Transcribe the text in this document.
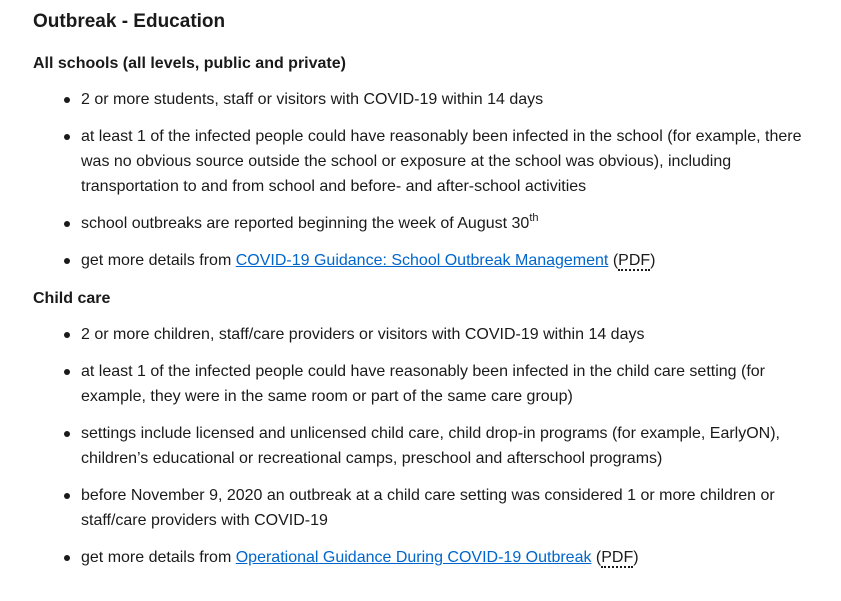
Outbreak - Education
All schools (all levels, public and private)
2 or more students, staff or visitors with COVID-19 within 14 days
at least 1 of the infected people could have reasonably been infected in the school (for example, there was no obvious source outside the school or exposure at the school was obvious), including transportation to and from school and before- and after-school activities
school outbreaks are reported beginning the week of August 30th
get more details from COVID-19 Guidance: School Outbreak Management (PDF)
Child care
2 or more children, staff/care providers or visitors with COVID-19 within 14 days
at least 1 of the infected people could have reasonably been infected in the child care setting (for example, they were in the same room or part of the same care group)
settings include licensed and unlicensed child care, child drop-in programs (for example, EarlyON), children’s educational or recreational camps, preschool and afterschool programs)
before November 9, 2020 an outbreak at a child care setting was considered 1 or more children or staff/care providers with COVID-19
get more details from Operational Guidance During COVID-19 Outbreak (PDF)
